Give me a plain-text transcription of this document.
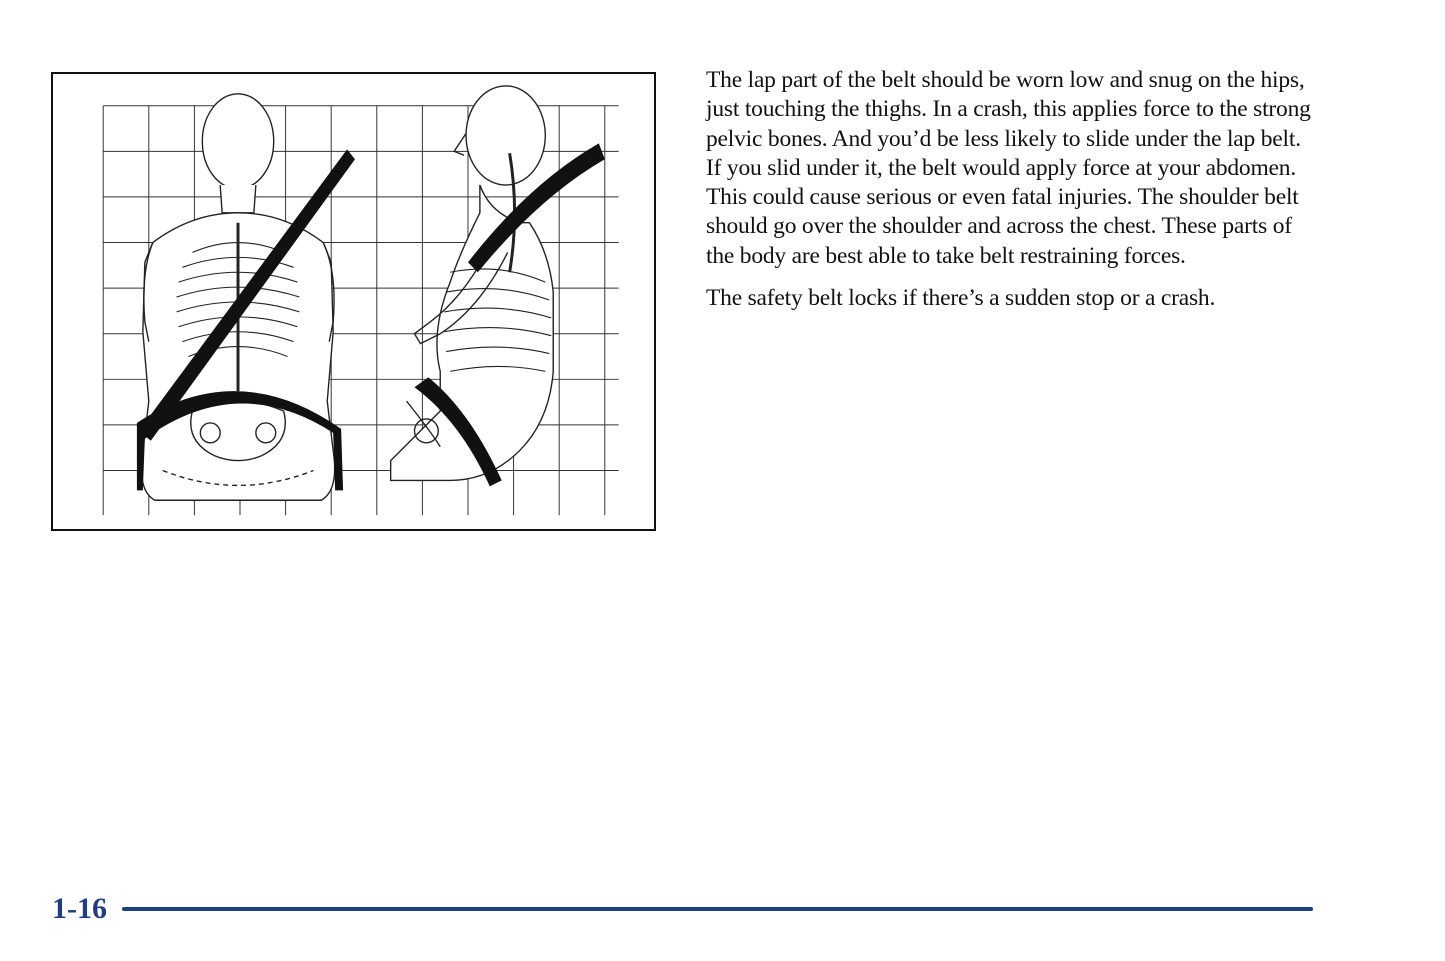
The lap part of the belt should be worn low and snug on the hips, just touching the thighs. In a crash, this applies force to the strong pelvic bones. And you’d be less likely to slide under the lap belt. If you slid under it, the belt would apply force at your abdomen. This could cause serious or even fatal injuries. The shoulder belt should go over the shoulder and across the chest. These parts of the body are best able to take belt restraining forces.

The safety belt locks if there’s a sudden stop or a crash.

1-16
